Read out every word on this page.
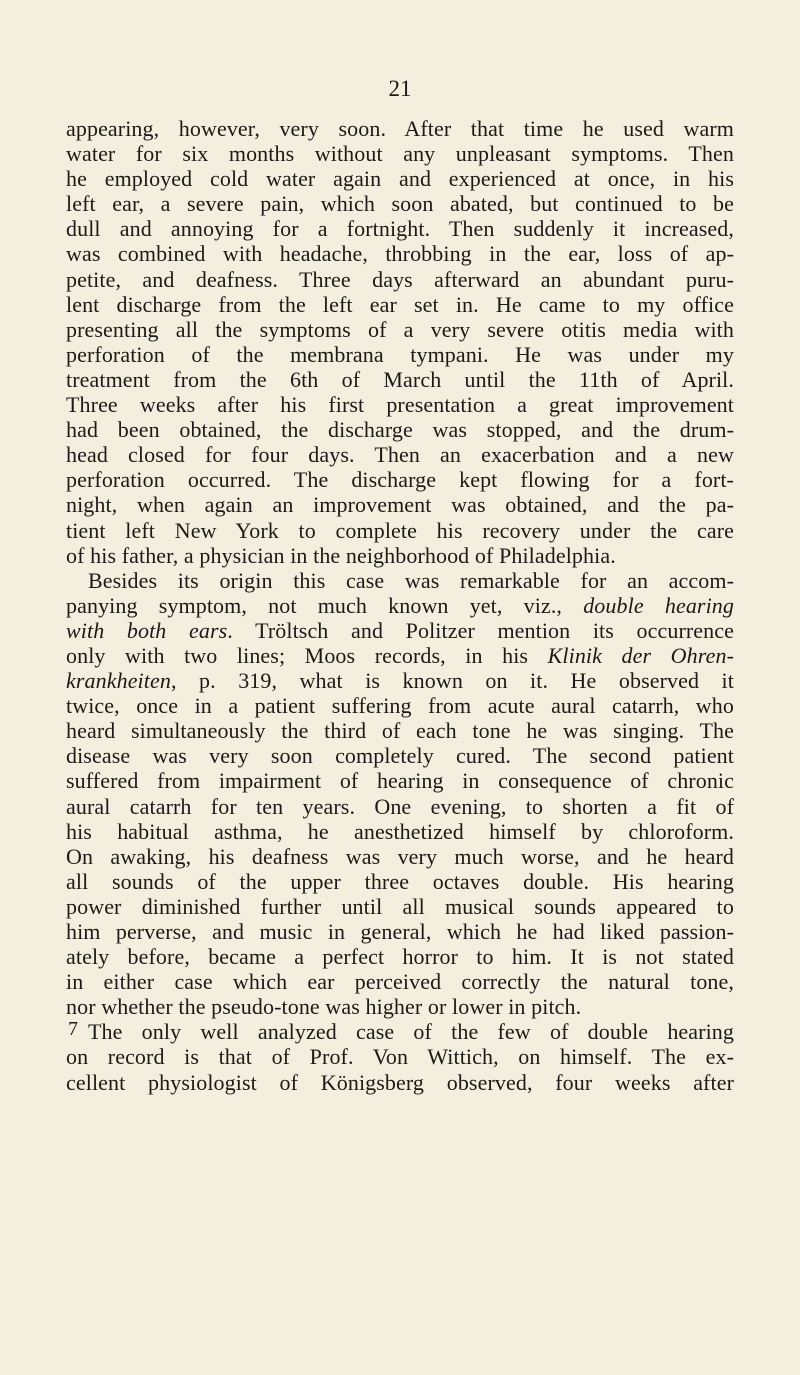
21
appearing, however, very soon. After that time he used warm
water for six months without any unpleasant symptoms. Then
he employed cold water again and experienced at once, in his
left ear, a severe pain, which soon abated, but continued to be
dull and annoying for a fortnight. Then suddenly it increased,
was combined with headache, throbbing in the ear, loss of ap-
petite, and deafness. Three days afterward an abundant puru-
lent discharge from the left ear set in. He came to my office
presenting all the symptoms of a very severe otitis media with
perforation of the membrana tympani. He was under my
treatment from the 6th of March until the 11th of April.
Three weeks after his first presentation a great improvement
had been obtained, the discharge was stopped, and the drum-
head closed for four days. Then an exacerbation and a new
perforation occurred. The discharge kept flowing for a fort-
night, when again an improvement was obtained, and the pa-
tient left New York to complete his recovery under the care
of his father, a physician in the neighborhood of Philadelphia.
Besides its origin this case was remarkable for an accom-
panying symptom, not much known yet, viz., double hearing
with both ears. Tröltsch and Politzer mention its occurrence
only with two lines; Moos records, in his Klinik der Ohren-
krankheiten, p. 319, what is known on it. He observed it
twice, once in a patient suffering from acute aural catarrh, who
heard simultaneously the third of each tone he was singing. The
disease was very soon completely cured. The second patient
suffered from impairment of hearing in consequence of chronic
aural catarrh for ten years. One evening, to shorten a fit of
his habitual asthma, he anesthetized himself by chloroform.
On awaking, his deafness was very much worse, and he heard
all sounds of the upper three octaves double. His hearing
power diminished further until all musical sounds appeared to
him perverse, and music in general, which he had liked passion-
ately before, became a perfect horror to him. It is not stated
in either case which ear perceived correctly the natural tone,
nor whether the pseudo-tone was higher or lower in pitch.
The only well analyzed case of the few of double hearing
on record is that of Prof. Von Wittich, on himself. The ex-
cellent physiologist of Königsberg observed, four weeks after
7
